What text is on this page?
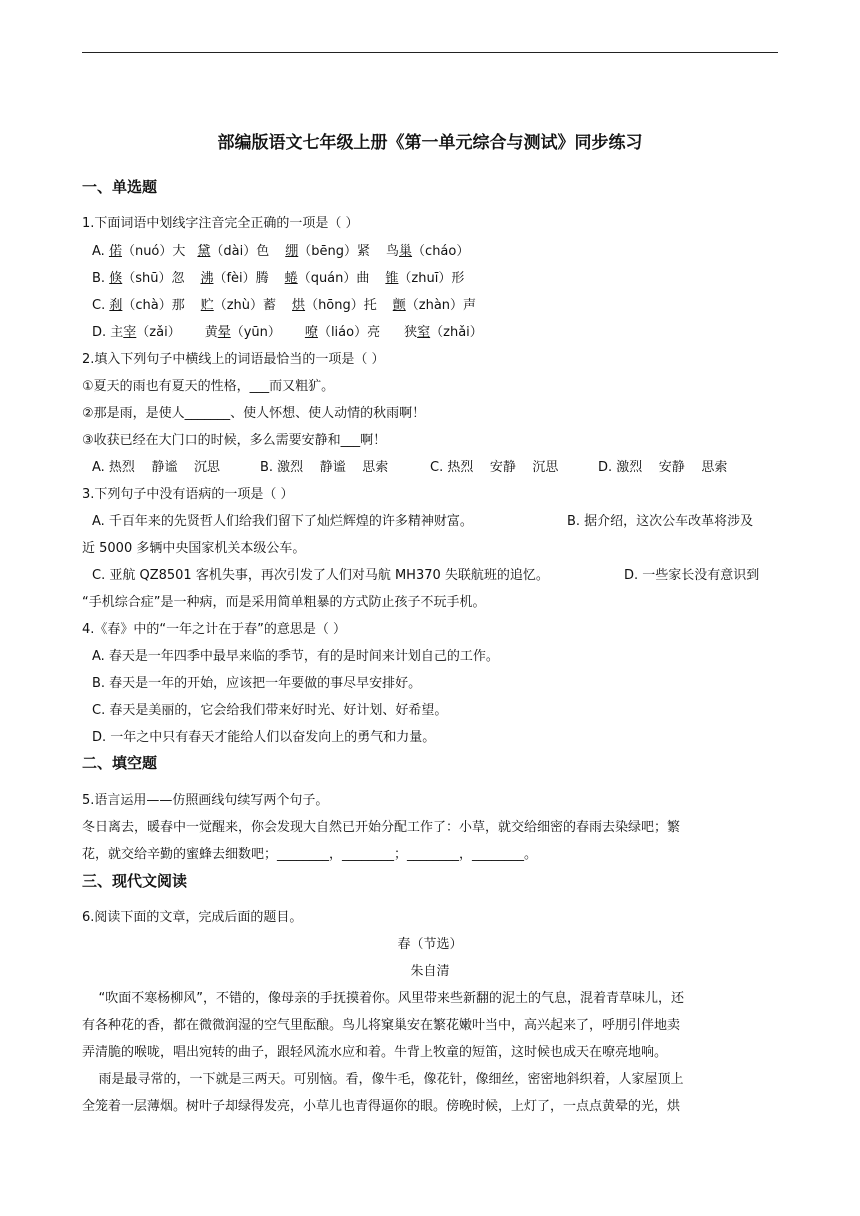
部编版语文七年级上册《第一单元综合与测试》同步练习
一、单选题
1.下面词语中划线字注音完全正确的一项是（ ）
A. 偌（nuó）大 黛（dài）色 绷（bēng）紧 鸟巢（cháo）
B. 倏（shū）忽 沸（fèi）腾 蜷（quán）曲 锥（zhuī）形
C. 刹（chà）那 贮（zhù）蓄 烘（hōng）托 颤（zhàn）声
D. 主宰（zǎi） 黄晕（yūn） 嘹（liáo）亮 狭窒（zhǎi）
2.填入下列句子中横线上的词语最恰当的一项是（ ）
①夏天的雨也有夏天的性格，___而又粗犷。
②那是雨，是使人_______、使人怀想、使人动情的秋雨啊！
③收获已经在大门口的时候，多么需要安静和___啊！
A. 热烈    静谧    沉思	B. 激烈    静谧    思索	C. 热烈    安静    沉思	D. 激烈    安静    思索
3.下列句子中没有语病的一项是（ ）
A. 千百年来的先贤哲人们给我们留下了灿烂辉煌的许多精神财富。	B. 据介绍，这次公车改革将涉及
近 5000 多辆中央国家机关本级公车。
C. 亚航 QZ8501 客机失事，再次引发了人们对马航 MH370 失联航班的追忆。	D. 一些家长没有意识到
“手机综合症”是一种病，而是采用简单粗暴的方式防止孩子不玩手机。
4.《春》中的“一年之计在于春”的意思是（ ）
A. 春天是一年四季中最早来临的季节，有的是时间来计划自己的工作。
B. 春天是一年的开始，应该把一年要做的事尽早安排好。
C. 春天是美丽的，它会给我们带来好时光、好计划、好希望。
D. 一年之中只有春天才能给人们以奋发向上的勇气和力量。
二、填空题
5.语言运用——仿照画线句续写两个句子。
冬日离去，暖春中一觉醒来，你会发现大自然已开始分配工作了：小草，就交给细密的春雨去染绿吧；繁
花，就交给辛勤的蜜蜂去细数吧；________，________；________，________。
三、现代文阅读
6.阅读下面的文章，完成后面的题目。
春（节选）
朱自清
“吹面不寒杨柳风”，不错的，像母亲的手抚摸着你。风里带来些新翻的泥土的气息，混着青草味儿，还
有各种花的香，都在微微润湿的空气里酝酿。鸟儿将窠巢安在繁花嫩叶当中，高兴起来了，呼朋引伴地卖
弄清脆的喉咙，唱出宛转的曲子，跟轻风流水应和着。牛背上牧童的短笛，这时候也成天在嘹亮地响。
雨是最寻常的，一下就是三两天。可别恼。看，像牛毛，像花针，像细丝，密密地斜织着，人家屋顶上
全笼着一层薄烟。树叶子却绿得发亮，小草儿也青得逼你的眼。傍晚时候，上灯了，一点点黄晕的光，烘
